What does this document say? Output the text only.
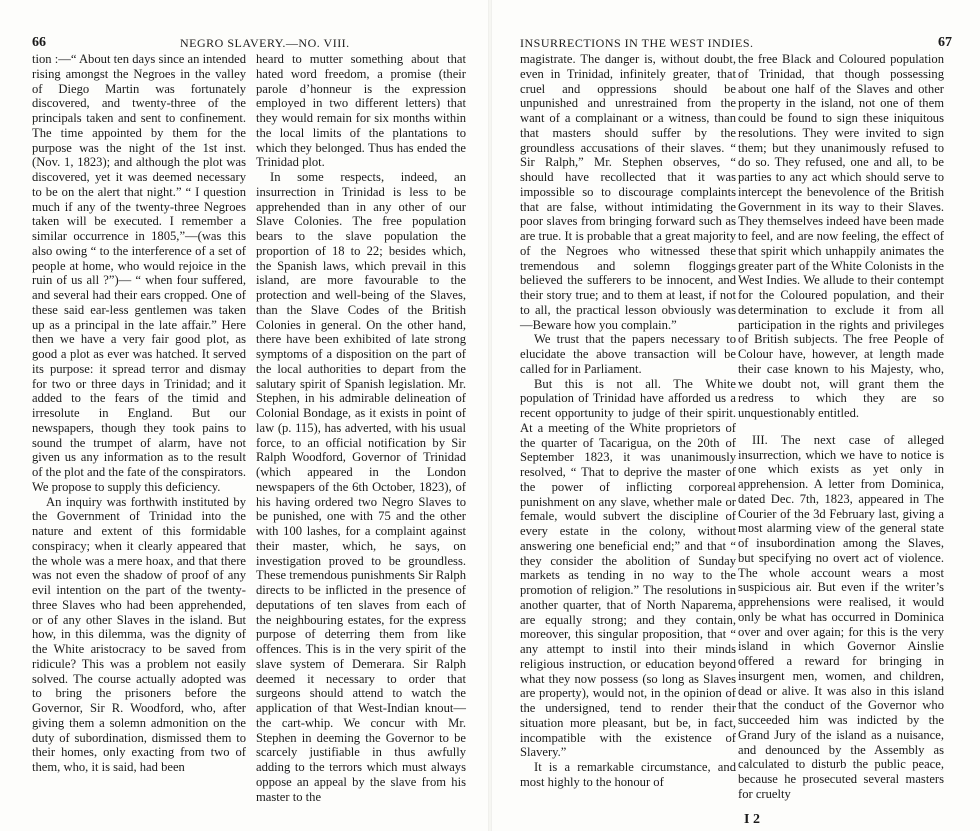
66	NEGRO SLAVERY.—NO. VIII.

tion :—“ About ten days since an intended rising amongst the Negroes in the valley of Diego Martin was fortunately discovered, and twenty-three of the principals taken and sent to confinement. The time appointed by them for the purpose was the night of the 1st inst. (Nov. 1, 1823); and although the plot was discovered, yet it was deemed necessary to be on the alert that night.” “ I question much if any of the twenty-three Negroes taken will be executed. I remember a similar occurrence in 1805,”—(was this also owing “ to the interference of a set of people at home, who would rejoice in the ruin of us all ?”)— “ when four suffered, and several had their ears cropped. One of these said ear-less gentlemen was taken up as a principal in the late affair.” Here then we have a very fair good plot, as good a plot as ever was hatched. It served its purpose: it spread terror and dismay for two or three days in Trinidad; and it added to the fears of the timid and irresolute in England. But our newspapers, though they took pains to sound the trumpet of alarm, have not given us any information as to the result of the plot and the fate of the conspirators. We propose to supply this deficiency.

An inquiry was forthwith instituted by the Government of Trinidad into the nature and extent of this formidable conspiracy; when it clearly appeared that the whole was a mere hoax, and that there was not even the shadow of proof of any evil intention on the part of the twenty-three Slaves who had been apprehended, or of any other Slaves in the island. But how, in this dilemma, was the dignity of the White aristocracy to be saved from ridicule? This was a problem not easily solved. The course actually adopted was to bring the prisoners before the Governor, Sir R. Woodford, who, after giving them a solemn admonition on the duty of subordination, dismissed them to their homes, only exacting from two of them, who, it is said, had been

heard to mutter something about that hated word freedom, a promise (their parole d’honneur is the expression employed in two different letters) that they would remain for six months within the local limits of the plantations to which they belonged. Thus has ended the Trinidad plot.

In some respects, indeed, an insurrection in Trinidad is less to be apprehended than in any other of our Slave Colonies. The free population bears to the slave population the proportion of 18 to 22; besides which, the Spanish laws, which prevail in this island, are more favourable to the protection and well-being of the Slaves, than the Slave Codes of the British Colonies in general. On the other hand, there have been exhibited of late strong symptoms of a disposition on the part of the local authorities to depart from the salutary spirit of Spanish legislation. Mr. Stephen, in his admirable delineation of Colonial Bondage, as it exists in point of law (p. 115), has adverted, with his usual force, to an official notification by Sir Ralph Woodford, Governor of Trinidad (which appeared in the London newspapers of the 6th October, 1823), of his having ordered two Negro Slaves to be punished, one with 75 and the other with 100 lashes, for a complaint against their master, which, he says, on investigation proved to be groundless. These tremendous punishments Sir Ralph directs to be inflicted in the presence of deputations of ten slaves from each of the neighbouring estates, for the express purpose of deterring them from like offences. This is in the very spirit of the slave system of Demerara. Sir Ralph deemed it necessary to order that surgeons should attend to watch the application of that West-Indian knout—the cart-whip. We concur with Mr. Stephen in deeming the Governor to be scarcely justifiable in thus awfully adding to the terrors which must always oppose an appeal by the slave from his master to the

INSURRECTIONS IN THE WEST INDIES.	67

magistrate. The danger is, without doubt, even in Trinidad, infinitely greater, that cruel and oppressions should be unpunished and unrestrained from the want of a complainant or a witness, than that masters should suffer by the groundless accusations of their slaves. “ Sir Ralph,” Mr. Stephen observes, “ should have recollected that it was impossible so to discourage complaints that are false, without intimidating the poor slaves from bringing forward such as are true. It is probable that a great majority of the Negroes who witnessed these tremendous and solemn floggings believed the sufferers to be innocent, and their story true; and to them at least, if not to all, the practical lesson obviously was—Beware how you complain.”

We trust that the papers necessary to elucidate the above transaction will be called for in Parliament.

But this is not all. The White population of Trinidad have afforded us a recent opportunity to judge of their spirit. At a meeting of the White proprietors of the quarter of Tacarigua, on the 20th of September 1823, it was unanimously resolved, “ That to deprive the master of the power of inflicting corporeal punishment on any slave, whether male or female, would subvert the discipline of every estate in the colony, without answering one beneficial end;” and that “ they consider the abolition of Sunday markets as tending in no way to the promotion of religion.” The resolutions in another quarter, that of North Naparema, are equally strong; and they contain, moreover, this singular proposition, that “ any attempt to instil into their minds religious instruction, or education beyond what they now possess (so long as Slaves are property), would not, in the opinion of the undersigned, tend to render their situation more pleasant, but be, in fact, incompatible with the existence of Slavery.”

It is a remarkable circumstance, and most highly to the honour of

the free Black and Coloured population of Trinidad, that though possessing about one half of the Slaves and other property in the island, not one of them could be found to sign these iniquitous resolutions. They were invited to sign them; but they unanimously refused to do so. They refused, one and all, to be parties to any act which should serve to intercept the benevolence of the British Government in its way to their Slaves. They themselves indeed have been made to feel, and are now feeling, the effect of that spirit which unhappily animates the greater part of the White Colonists in the West Indies. We allude to their contempt for the Coloured population, and their determination to exclude it from all participation in the rights and privileges of British subjects. The free People of Colour have, however, at length made their case known to his Majesty, who, we doubt not, will grant them the redress to which they are so unquestionably entitled.

III. The next case of alleged insurrection, which we have to notice is one which exists as yet only in apprehension. A letter from Dominica, dated Dec. 7th, 1823, appeared in The Courier of the 3d February last, giving a most alarming view of the general state of insubordination among the Slaves, but specifying no overt act of violence. The whole account wears a most suspicious air. But even if the writer’s apprehensions were realised, it would only be what has occurred in Dominica over and over again; for this is the very island in which Governor Ainslie offered a reward for bringing in insurgent men, women, and children, dead or alive. It was also in this island that the conduct of the Governor who succeeded him was indicted by the Grand Jury of the island as a nuisance, and denounced by the Assembly as calculated to disturb the public peace, because he prosecuted several masters for cruelty

I 2
